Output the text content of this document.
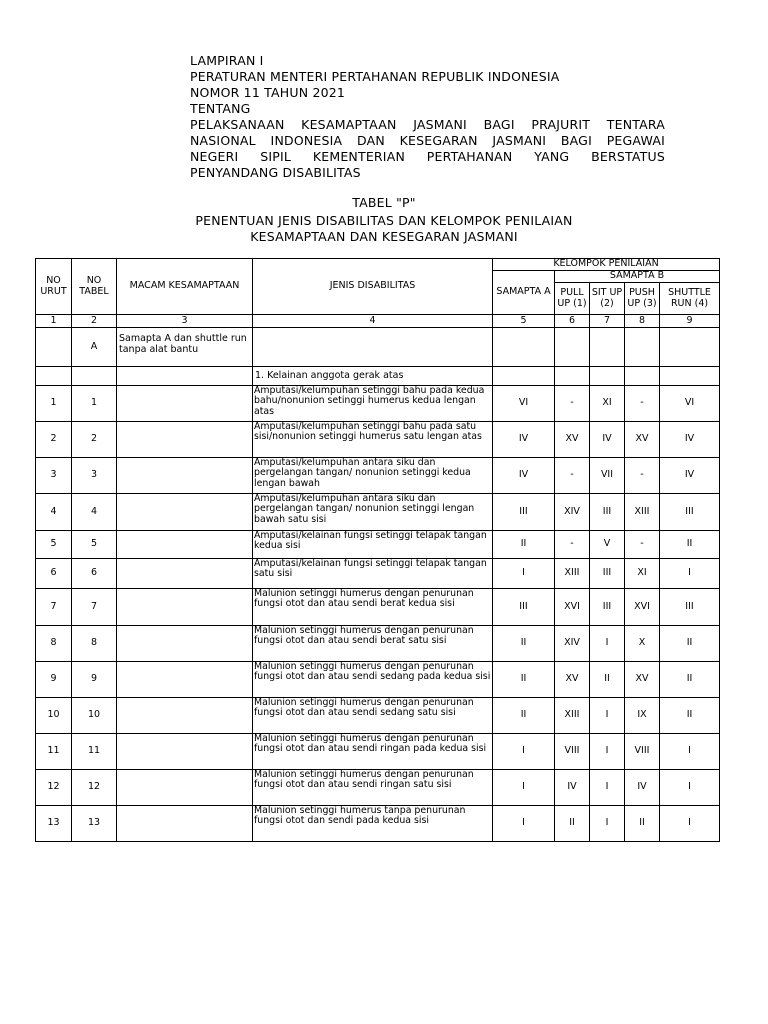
LAMPIRAN I
PERATURAN MENTERI PERTAHANAN REPUBLIK INDONESIA
NOMOR 11 TAHUN 2021
TENTANG
PELAKSANAAN KESAMAPTAAN JASMANI BAGI PRAJURIT TENTARA
NASIONAL INDONESIA DAN KESEGARAN JASMANI BAGI PEGAWAI
NEGERI SIPIL KEMENTERIAN PERTAHANAN YANG BERSTATUS
PENYANDANG DISABILITAS
TABEL "P"
PENENTUAN JENIS DISABILITAS DAN KELOMPOK PENILAIAN
KESAMAPTAAN DAN KESEGARAN JASMANI
NO URUT	NO TABEL	MACAM KESAMAPTAAN	JENIS DISABILITAS	KELOMPOK PENILAIAN				
				SAMAPTA A	SAMAPTA B			
					PULL UP (1)	SIT UP (2)	PUSH UP (3)	SHUTTLE RUN (4)
1	2	3	4	5	6	7	8	9
	A	Samapta A dan shuttle run tanpa alat bantu						
			1. Kelainan anggota gerak atas					
1	1		Amputasi/kelumpuhan setinggi bahu pada kedua bahu/nonunion setinggi humerus kedua lengan atas	VI	-	XI	-	VI
2	2		Amputasi/kelumpuhan setinggi bahu pada satu sisi/nonunion setinggi humerus satu lengan atas	IV	XV	IV	XV	IV
3	3		Amputasi/kelumpuhan antara siku dan pergelangan tangan/ nonunion setinggi kedua lengan bawah	IV	-	VII	-	IV
4	4		Amputasi/kelumpuhan antara siku dan pergelangan tangan/ nonunion setinggi lengan bawah satu sisi	III	XIV	III	XIII	III
5	5		Amputasi/kelainan fungsi setinggi telapak tangan kedua sisi	II	-	V	-	II
6	6		Amputasi/kelainan fungsi setinggi telapak tangan satu sisi	I	XIII	III	XI	I
7	7		Malunion setinggi humerus dengan penurunan fungsi otot dan atau sendi berat kedua sisi	III	XVI	III	XVI	III
8	8		Malunion setinggi humerus dengan penurunan fungsi otot dan atau sendi berat satu sisi	II	XIV	I	X	II
9	9		Malunion setinggi humerus dengan penurunan fungsi otot dan atau sendi sedang pada kedua sisi	II	XV	II	XV	II
10	10		Malunion setinggi humerus dengan penurunan fungsi otot dan atau sendi sedang satu sisi	II	XIII	I	IX	II
11	11		Malunion setinggi humerus dengan penurunan fungsi otot dan atau sendi ringan pada kedua sisi	I	VIII	I	VIII	I
12	12		Malunion setinggi humerus dengan penurunan fungsi otot dan atau sendi ringan satu sisi	I	IV	I	IV	I
13	13		Malunion setinggi humerus tanpa penurunan fungsi otot dan sendi pada kedua sisi	I	II	I	II	I
